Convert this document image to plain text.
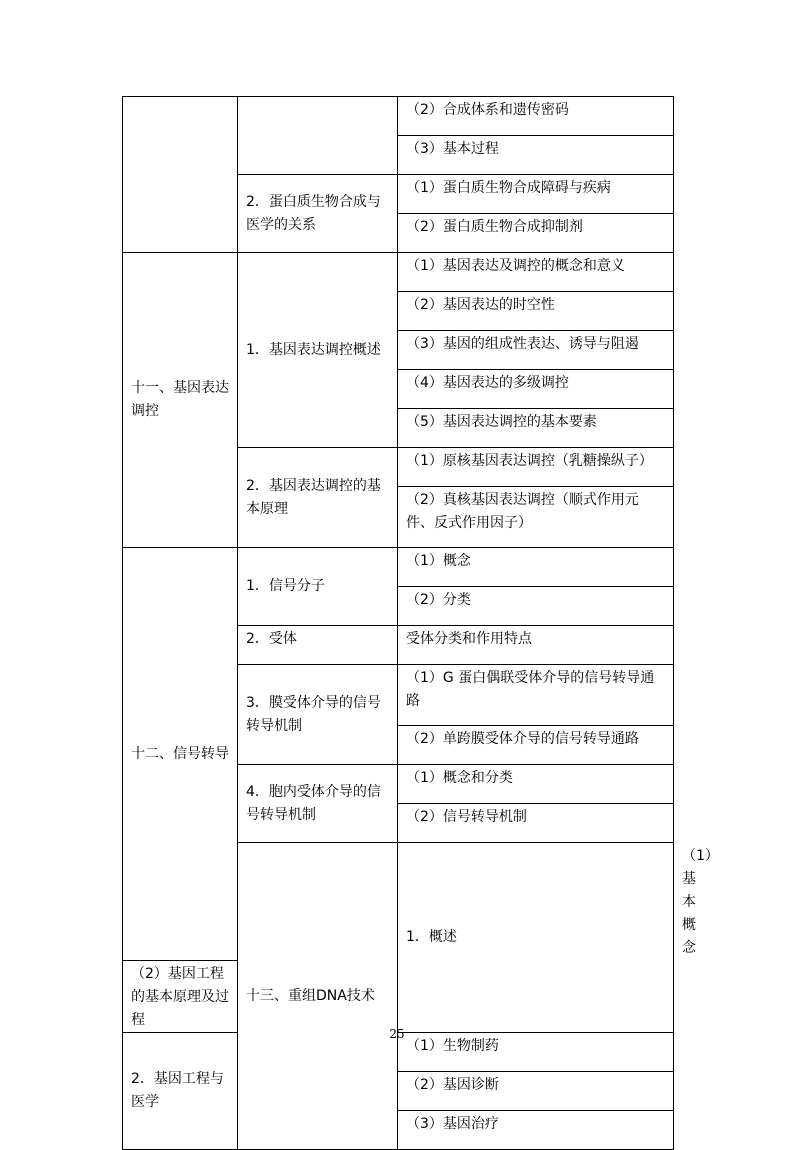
		（2）合成体系和遗传密码	
		（3）基本过程	
	2．蛋白质生物合成与医学的关系	（1）蛋白质生物合成障碍与疾病	
		（2）蛋白质生物合成抑制剂	
十一、基因表达调控	1．基因表达调控概述	（1）基因表达及调控的概念和意义	
		（2）基因表达的时空性	
		（3）基因的组成性表达、诱导与阻遏	
		（4）基因表达的多级调控	
		（5）基因表达调控的基本要素	
	2．基因表达调控的基本原理	（1）原核基因表达调控（乳糖操纵子）	
		（2）真核基因表达调控（顺式作用元件、反式作用因子）	
十二、信号转导	1．信号分子	（1）概念	
		（2）分类	
	2．受体	受体分类和作用特点	
	3．膜受体介导的信号转导机制	（1）G 蛋白偶联受体介导的信号转导通路	
		（2）单跨膜受体介导的信号转导通路	
	4．胞内受体介导的信号转导机制	（1）概念和分类	
		（2）信号转导机制	
	十三、重组DNA技术	1．概述	（1）基本概念
（2）基因工程的基本原理及过程			
2．基因工程与医学		（1）生物制药	
		（2）基因诊断	
		（3）基因治疗	
25
